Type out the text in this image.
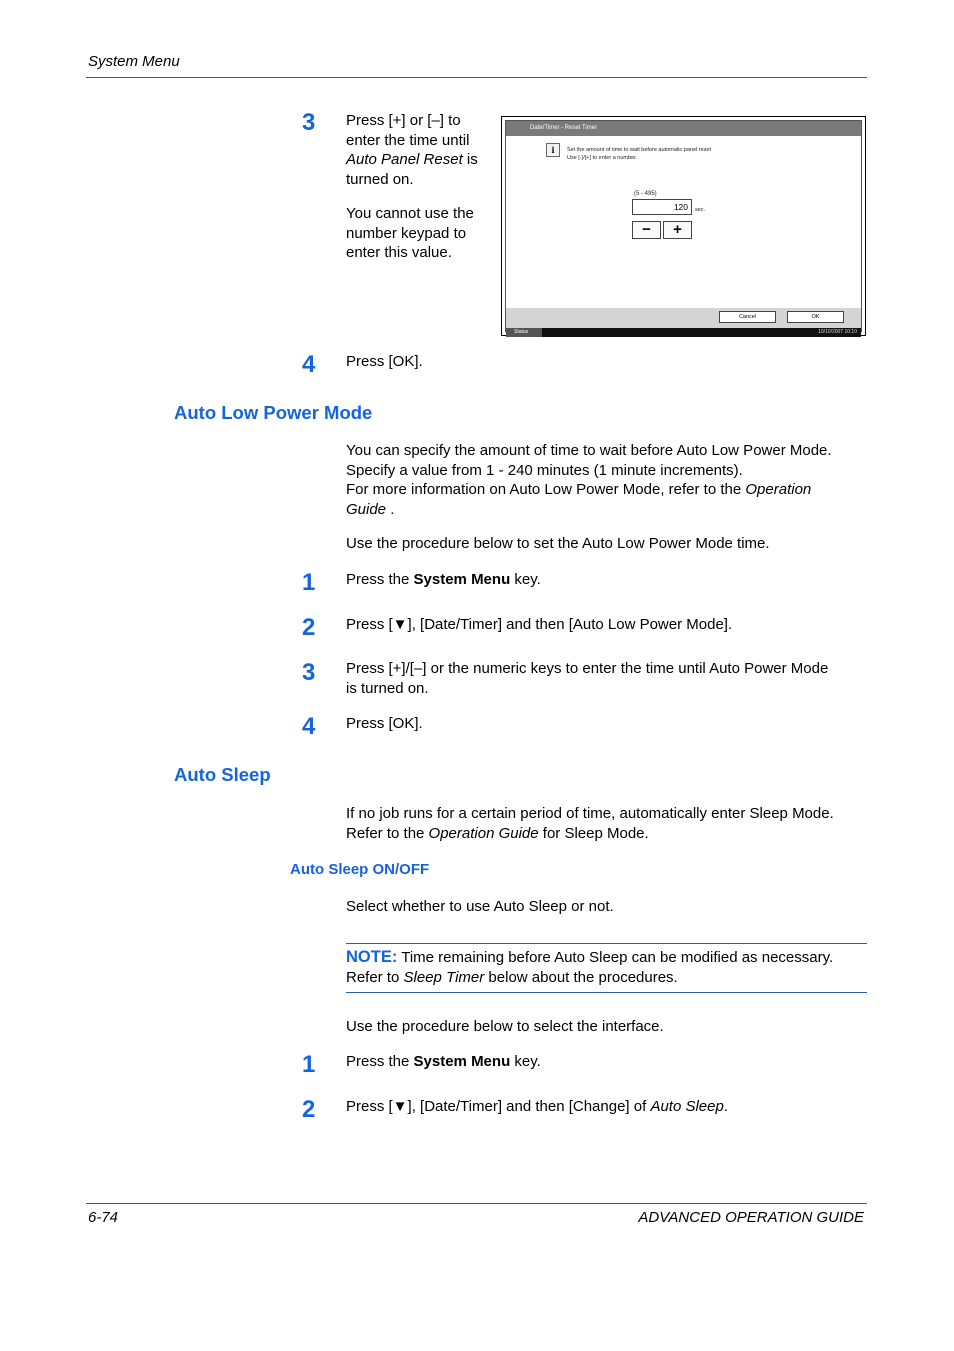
System Menu
3 Press [+] or [–] to
enter the time until
Auto Panel Reset is
turned on.
You cannot use the
number keypad to
enter this value.
Date/Timer - Reset Timer
i	Set the amount of time to wait before automatic panel reset
Use [-]/[+] to enter a number.
(5 - 495)
120	sec.
−	+
Cancel	OK
Status	10/10/2007 10:10
4 Press [OK].
Auto Low Power Mode
You can specify the amount of time to wait before Auto Low Power Mode.
Specify a value from 1 - 240 minutes (1 minute increments).
For more information on Auto Low Power Mode, refer to the Operation
Guide .
Use the procedure below to set the Auto Low Power Mode time.
1 Press the System Menu key.
2 Press [▼], [Date/Timer] and then [Auto Low Power Mode].
3 Press [+]/[–] or the numeric keys to enter the time until Auto Power Mode
is turned on.
4 Press [OK].
Auto Sleep
If no job runs for a certain period of time, automatically enter Sleep Mode.
Refer to the Operation Guide for Sleep Mode.
Auto Sleep ON/OFF
Select whether to use Auto Sleep or not.
NOTE: Time remaining before Auto Sleep can be modified as necessary.
Refer to Sleep Timer below about the procedures.
Use the procedure below to select the interface.
1 Press the System Menu key.
2 Press [▼], [Date/Timer] and then [Change] of Auto Sleep.
6-74	ADVANCED OPERATION GUIDE
